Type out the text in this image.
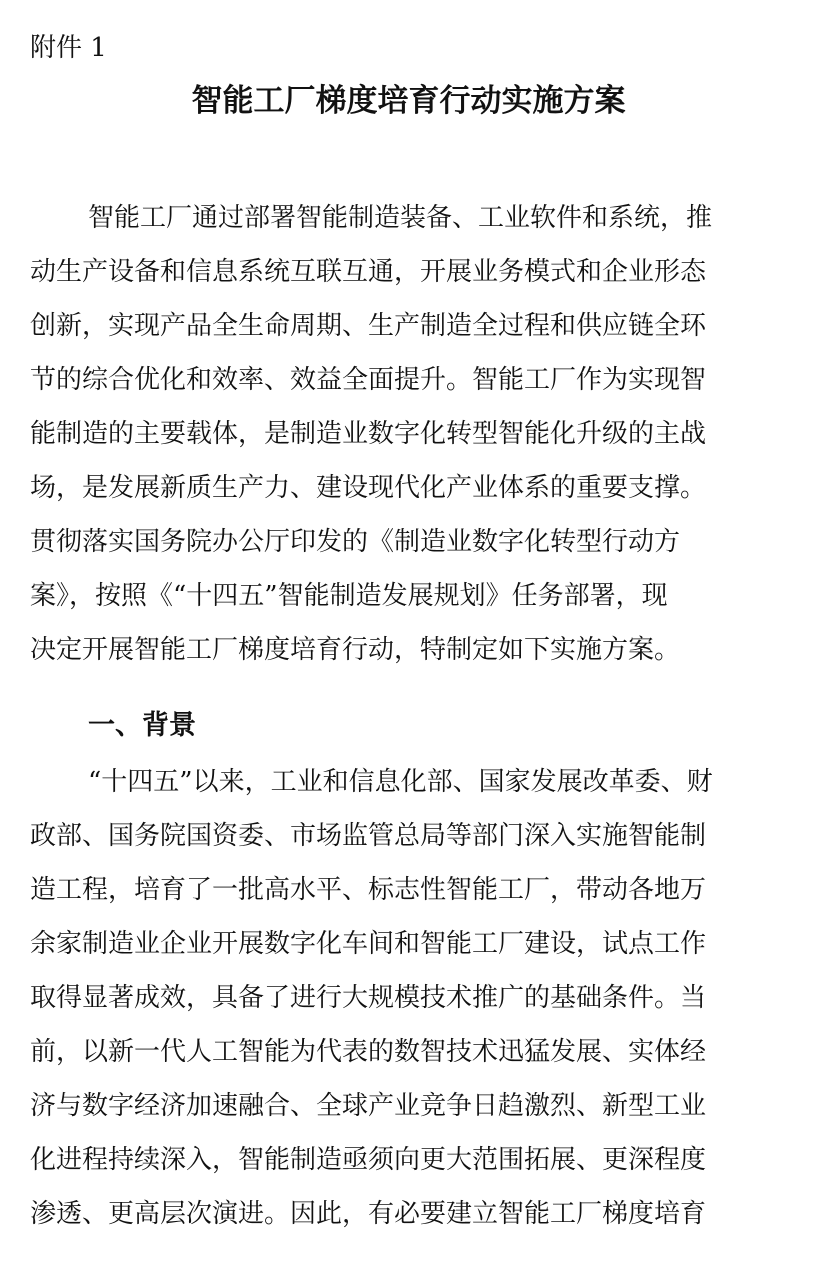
附件 1
智能工厂梯度培育行动实施方案
智能工厂通过部署智能制造装备、工业软件和系统，推
动生产设备和信息系统互联互通，开展业务模式和企业形态
创新，实现产品全生命周期、生产制造全过程和供应链全环
节的综合优化和效率、效益全面提升。智能工厂作为实现智
能制造的主要载体，是制造业数字化转型智能化升级的主战
场，是发展新质生产力、建设现代化产业体系的重要支撑。
贯彻落实国务院办公厅印发的《制造业数字化转型行动方
案》，按照《“十四五”智能制造发展规划》任务部署，现
决定开展智能工厂梯度培育行动，特制定如下实施方案。
一、背景
“十四五”以来，工业和信息化部、国家发展改革委、财
政部、国务院国资委、市场监管总局等部门深入实施智能制
造工程，培育了一批高水平、标志性智能工厂，带动各地万
余家制造业企业开展数字化车间和智能工厂建设，试点工作
取得显著成效，具备了进行大规模技术推广的基础条件。当
前，以新一代人工智能为代表的数智技术迅猛发展、实体经
济与数字经济加速融合、全球产业竞争日趋激烈、新型工业
化进程持续深入，智能制造亟须向更大范围拓展、更深程度
渗透、更高层次演进。因此，有必要建立智能工厂梯度培育
